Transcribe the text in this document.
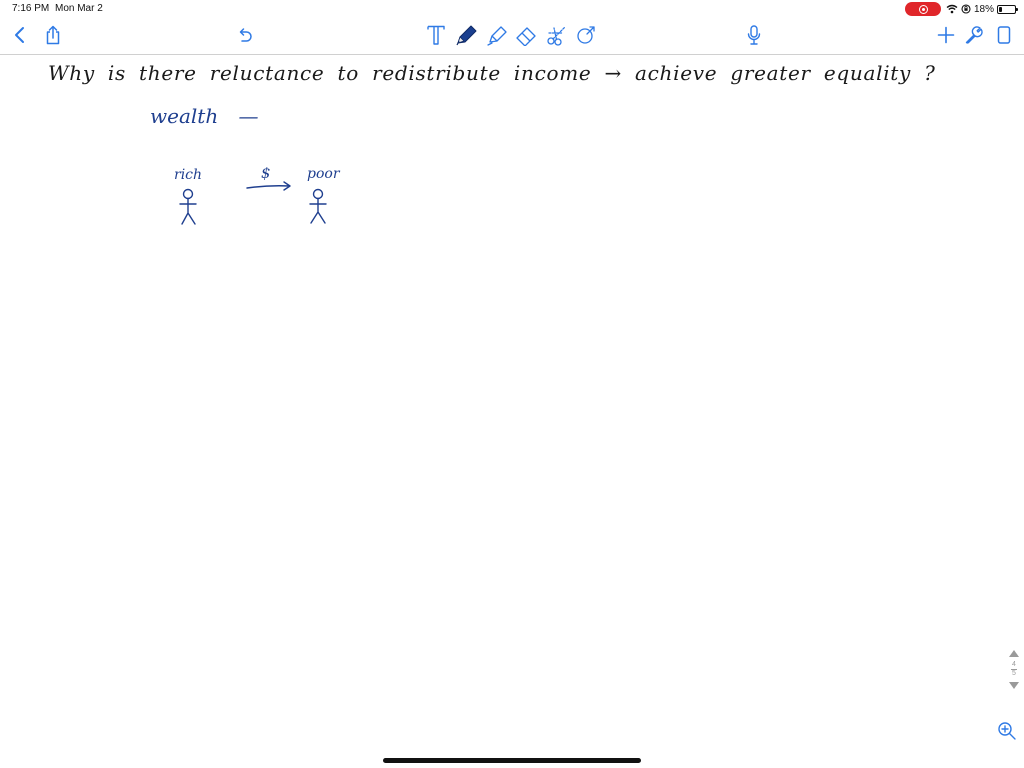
7:16 PM Mon Mar 2	18%
Why is there reluctance to redistribute income → achieve greater equality ?
wealth —
rich	$	poor
4
5
